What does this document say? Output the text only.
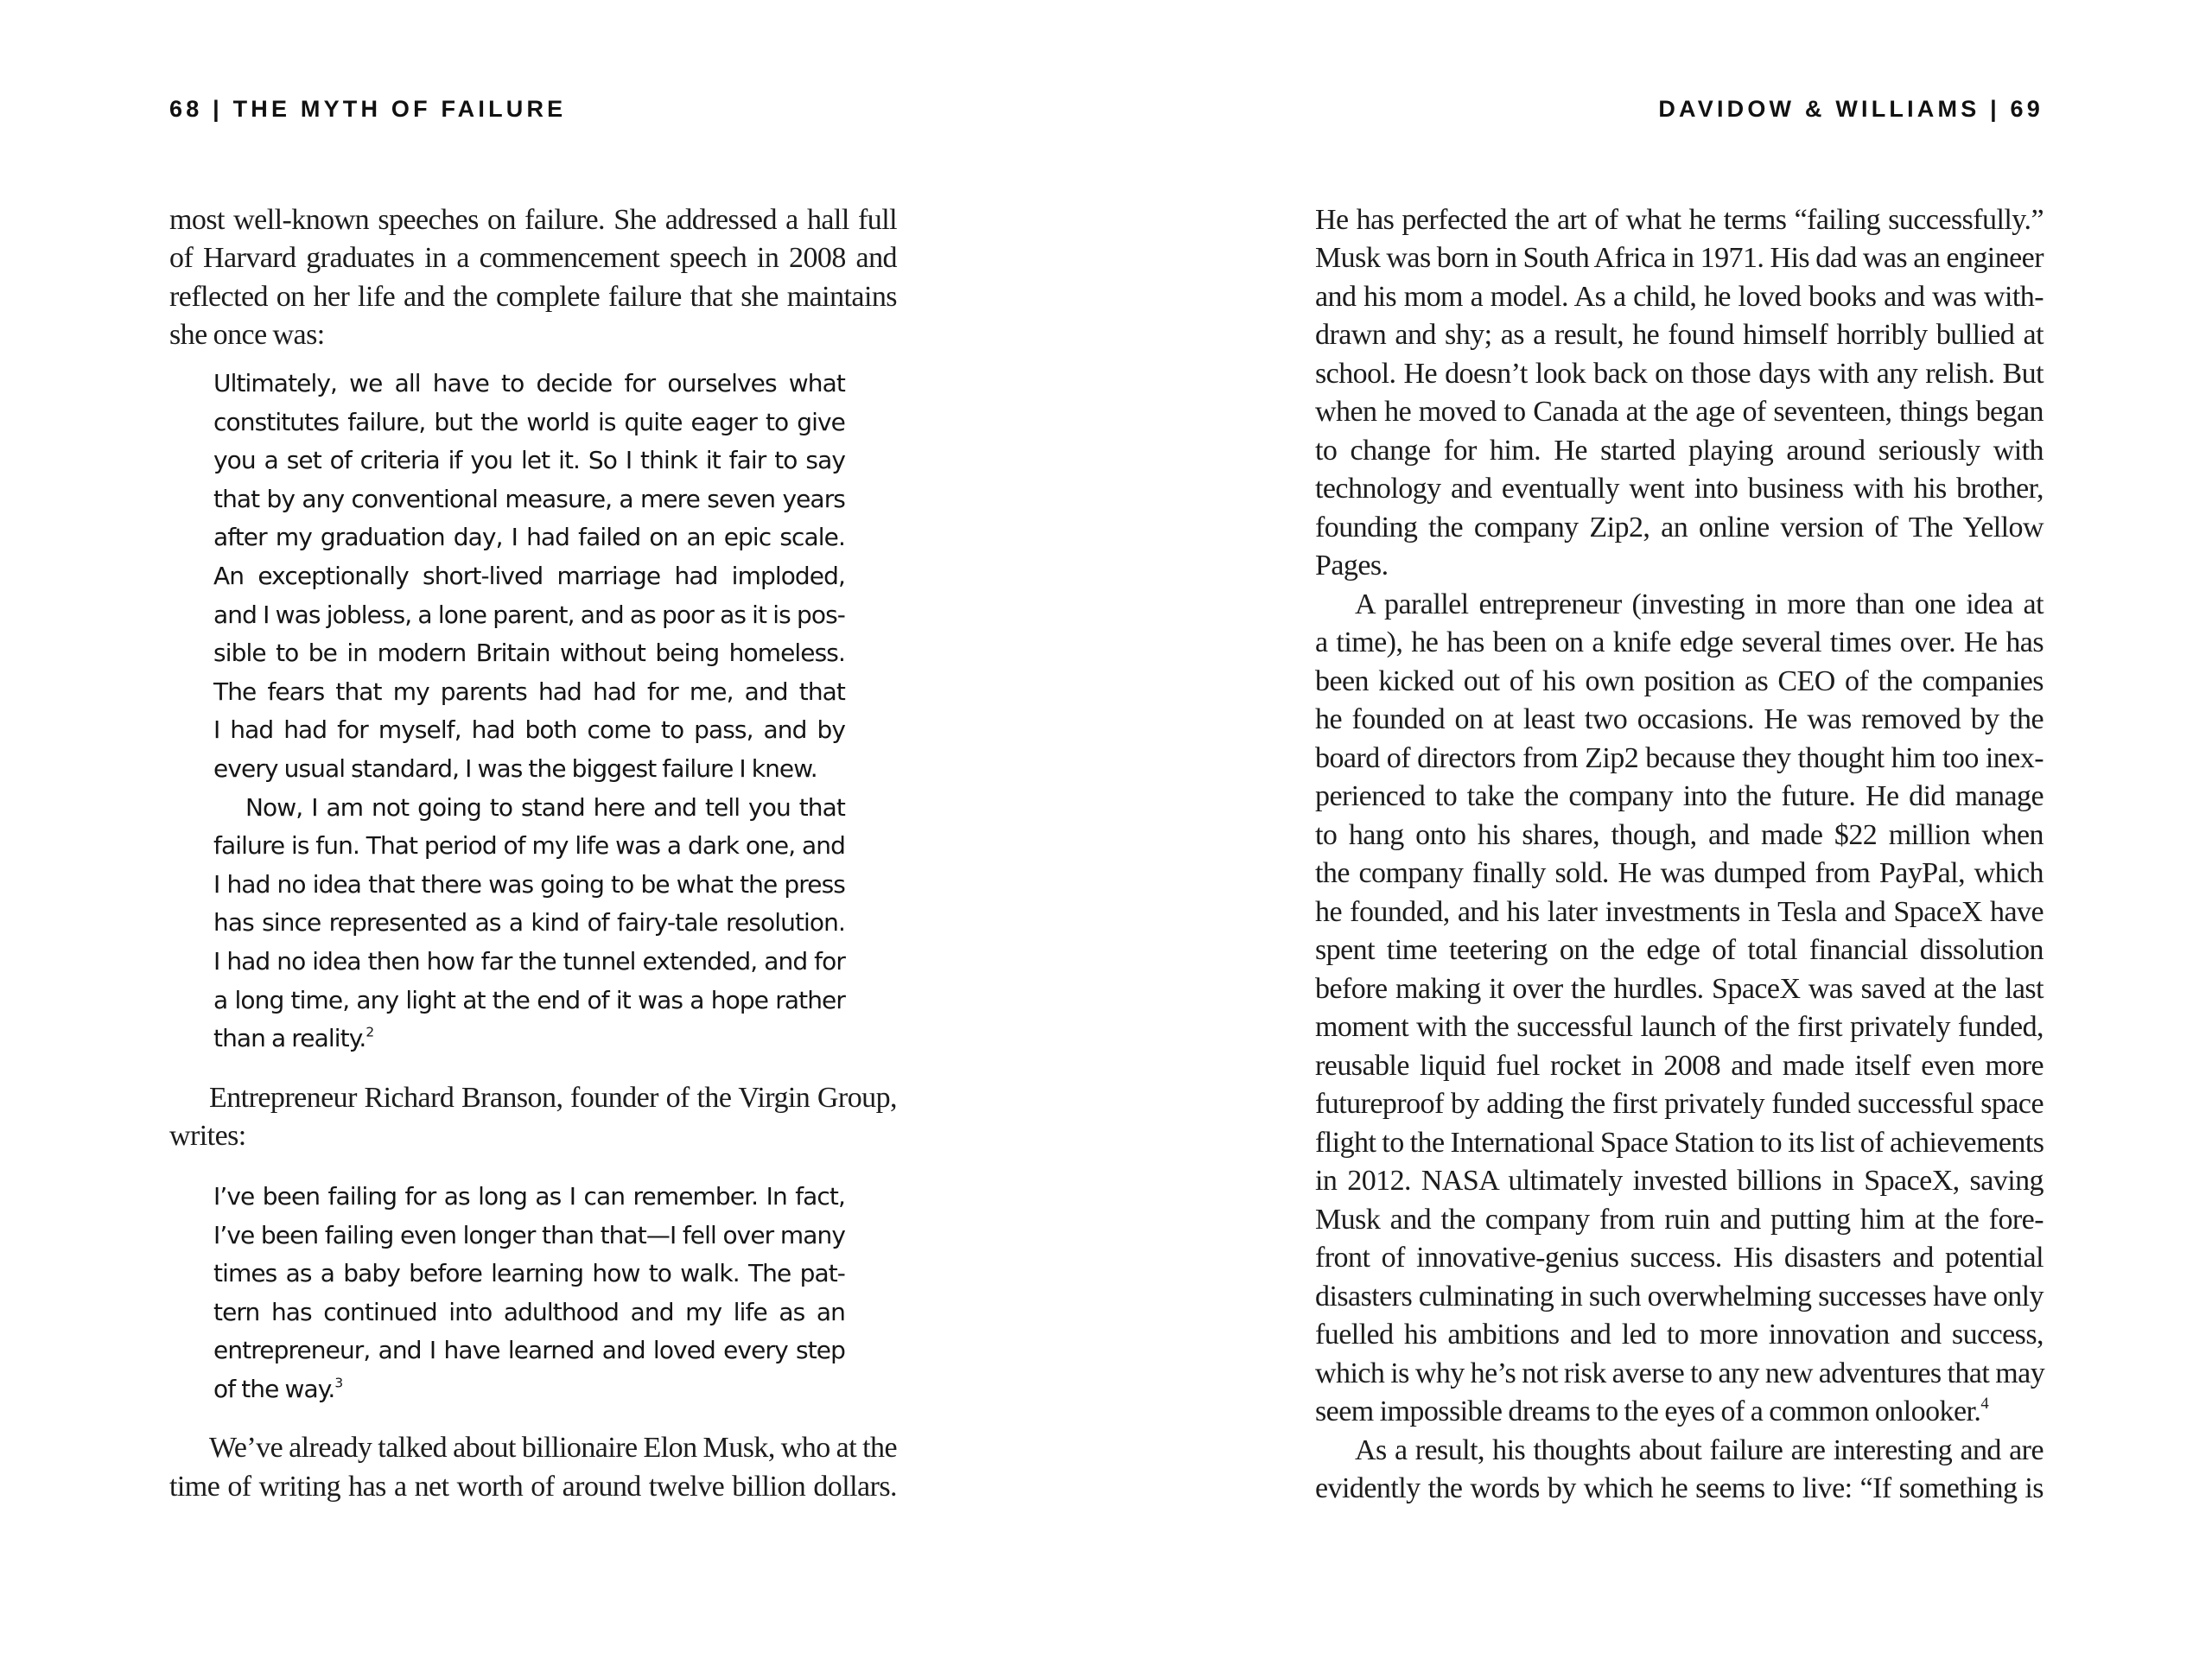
68 | THE MYTH OF FAILURE
most well-known speeches on failure. She addressed a hall full
of Harvard graduates in a commencement speech in 2008 and
reflected on her life and the complete failure that she maintains
she once was:
Ultimately, we all have to decide for ourselves what
constitutes failure, but the world is quite eager to give
you a set of criteria if you let it. So I think it fair to say
that by any conventional measure, a mere seven years
after my graduation day, I had failed on an epic scale.
An exceptionally short-lived marriage had imploded,
and I was jobless, a lone parent, and as poor as it is pos-
sible to be in modern Britain without being homeless.
The fears that my parents had had for me, and that
I had had for myself, had both come to pass, and by
every usual standard, I was the biggest failure I knew.
Now, I am not going to stand here and tell you that
failure is fun. That period of my life was a dark one, and
I had no idea that there was going to be what the press
has since represented as a kind of fairy-tale resolution.
I had no idea then how far the tunnel extended, and for
a long time, any light at the end of it was a hope rather
than a reality.$^2$
Entrepreneur Richard Branson, founder of the Virgin Group,
writes:
I’ve been failing for as long as I can remember. In fact,
I’ve been failing even longer than that—I fell over many
times as a baby before learning how to walk. The pat-
tern has continued into adulthood and my life as an
entrepreneur, and I have learned and loved every step
of the way.$^3$
We’ve already talked about billionaire Elon Musk, who at the
time of writing has a net worth of around twelve billion dollars.
DAVIDOW & WILLIAMS | 69
He has perfected the art of what he terms “failing successfully.”
Musk was born in South Africa in 1971. His dad was an engineer
and his mom a model. As a child, he loved books and was with-
drawn and shy; as a result, he found himself horribly bullied at
school. He doesn’t look back on those days with any relish. But
when he moved to Canada at the age of seventeen, things began
to change for him. He started playing around seriously with
technology and eventually went into business with his brother,
founding the company Zip2, an online version of The Yellow
Pages.
A parallel entrepreneur (investing in more than one idea at
a time), he has been on a knife edge several times over. He has
been kicked out of his own position as CEO of the companies
he founded on at least two occasions. He was removed by the
board of directors from Zip2 because they thought him too inex-
perienced to take the company into the future. He did manage
to hang onto his shares, though, and made $22 million when
the company finally sold. He was dumped from PayPal, which
he founded, and his later investments in Tesla and SpaceX have
spent time teetering on the edge of total financial dissolution
before making it over the hurdles. SpaceX was saved at the last
moment with the successful launch of the first privately funded,
reusable liquid fuel rocket in 2008 and made itself even more
futureproof by adding the first privately funded successful space
flight to the International Space Station to its list of achievements
in 2012. NASA ultimately invested billions in SpaceX, saving
Musk and the company from ruin and putting him at the fore-
front of innovative-genius success. His disasters and potential
disasters culminating in such overwhelming successes have only
fuelled his ambitions and led to more innovation and success,
which is why he’s not risk averse to any new adventures that may
seem impossible dreams to the eyes of a common onlooker.$^4$
As a result, his thoughts about failure are interesting and are
evidently the words by which he seems to live: “If something is
